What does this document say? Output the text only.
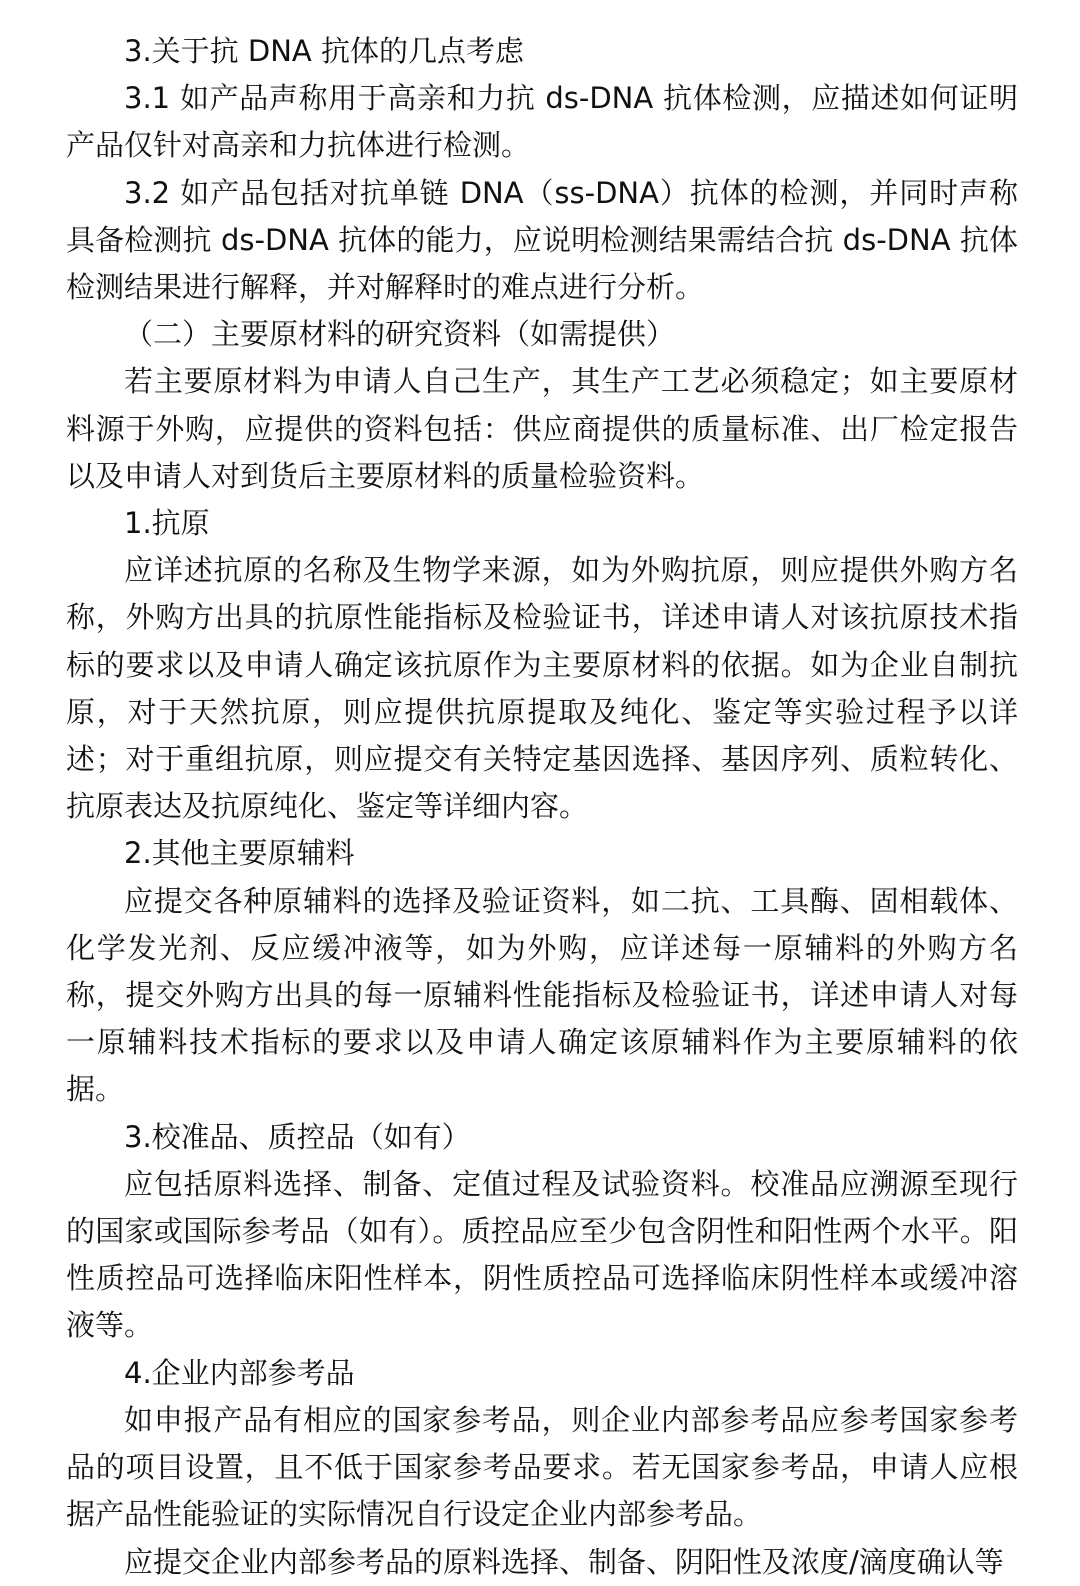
3.关于抗 DNA 抗体的几点考虑

3.1 如产品声称用于高亲和力抗 ds-DNA 抗体检测，应描述如何证明产品仅针对高亲和力抗体进行检测。

3.2 如产品包括对抗单链 DNA（ss-DNA）抗体的检测，并同时声称具备检测抗 ds-DNA 抗体的能力，应说明检测结果需结合抗 ds-DNA 抗体检测结果进行解释，并对解释时的难点进行分析。

（二）主要原材料的研究资料（如需提供）

若主要原材料为申请人自己生产，其生产工艺必须稳定；如主要原材料源于外购，应提供的资料包括：供应商提供的质量标准、出厂检定报告以及申请人对到货后主要原材料的质量检验资料。

1.抗原

应详述抗原的名称及生物学来源，如为外购抗原，则应提供外购方名称，外购方出具的抗原性能指标及检验证书，详述申请人对该抗原技术指标的要求以及申请人确定该抗原作为主要原材料的依据。如为企业自制抗原，对于天然抗原，则应提供抗原提取及纯化、鉴定等实验过程予以详述；对于重组抗原，则应提交有关特定基因选择、基因序列、质粒转化、抗原表达及抗原纯化、鉴定等详细内容。

2.其他主要原辅料

应提交各种原辅料的选择及验证资料，如二抗、工具酶、固相载体、化学发光剂、反应缓冲液等，如为外购，应详述每一原辅料的外购方名称，提交外购方出具的每一原辅料性能指标及检验证书，详述申请人对每一原辅料技术指标的要求以及申请人确定该原辅料作为主要原辅料的依据。

3.校准品、质控品（如有）

应包括原料选择、制备、定值过程及试验资料。校准品应溯源至现行的国家或国际参考品（如有）。质控品应至少包含阴性和阳性两个水平。阳性质控品可选择临床阳性样本，阴性质控品可选择临床阴性样本或缓冲溶液等。

4.企业内部参考品

如申报产品有相应的国家参考品，则企业内部参考品应参考国家参考品的项目设置，且不低于国家参考品要求。若无国家参考品，申请人应根据产品性能验证的实际情况自行设定企业内部参考品。

应提交企业内部参考品的原料选择、制备、阴阳性及浓度/滴度确认等
